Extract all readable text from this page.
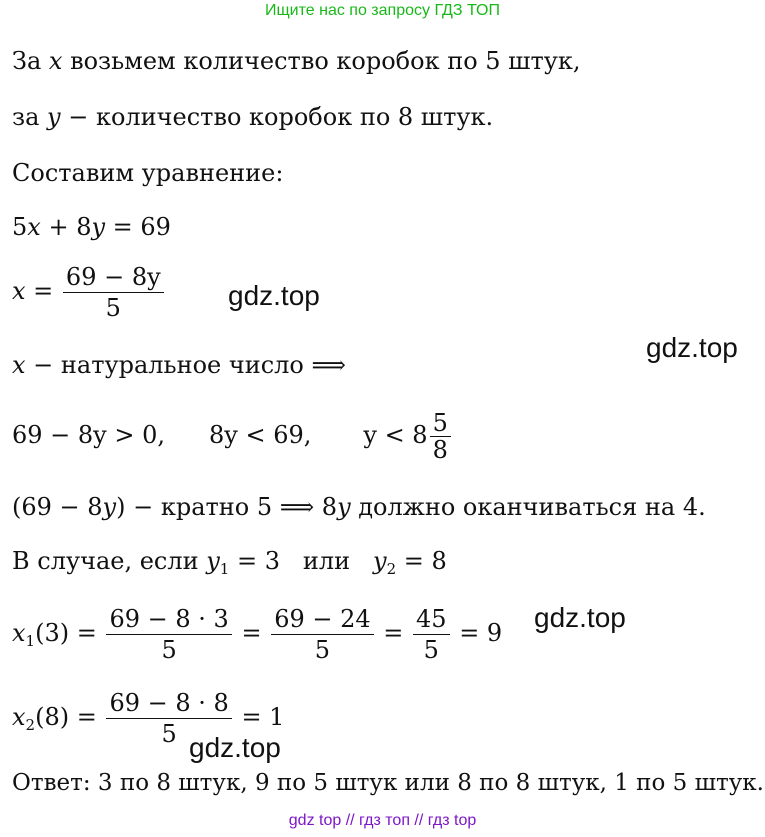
Ищите нас по запросу ГДЗ ТОП
За x возьмем количество коробок по 5 штук,
за y − количество коробок по 8 штук.
Составим уравнение:
5x + 8y = 69
$x = \frac{69 - 8y}{5} gdz.top$
gdz.top
x − натуральное число ⟹
69 − 8y > 0, 8y < 69, $y < 8 \frac{5}{8}$
(69 − 8y) − кратно 5 ⟹ 8y должно оканчиваться на 4.
В случае, если $y_1 = 3$   или   $y_2 = 8$
$x_1(3) = \frac{69 - 8 \cdot 3}{5} = \frac{69 - 24}{5} = \frac{45}{5} = 9$ gdz.top
$x_2(8) = \frac{69 - 8 \cdot 8}{5} = 1$
gdz.top
Ответ: 3 по 8 штук, 9 по 5 штук или 8 по 8 штук, 1 по 5 штук.
gdz top // гдз топ // гдз top
